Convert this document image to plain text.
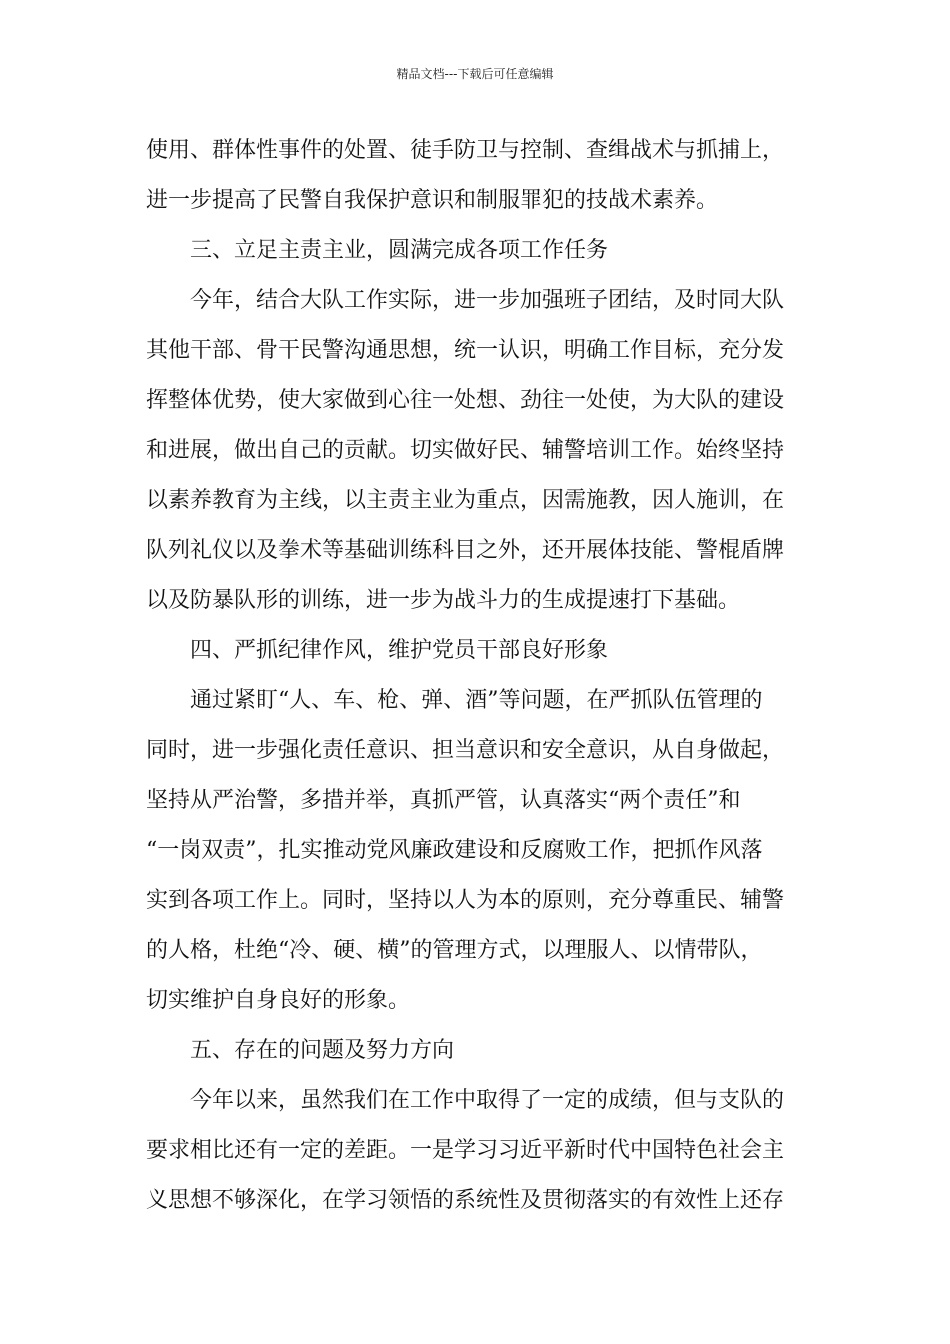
精品文档---下载后可任意编辑
使用、群体性事件的处置、徒手防卫与控制、查缉战术与抓捕上，
进一步提高了民警自我保护意识和制服罪犯的技战术素养。
三、立足主责主业，圆满完成各项工作任务
今年，结合大队工作实际，进一步加强班子团结，及时同大队
其他干部、骨干民警沟通思想，统一认识，明确工作目标，充分发
挥整体优势，使大家做到心往一处想、劲往一处使，为大队的建设
和进展，做出自己的贡献。切实做好民、辅警培训工作。始终坚持
以素养教育为主线，以主责主业为重点，因需施教，因人施训，在
队列礼仪以及拳术等基础训练科目之外，还开展体技能、警棍盾牌
以及防暴队形的训练，进一步为战斗力的生成提速打下基础。
四、严抓纪律作风，维护党员干部良好形象
通过紧盯“人、车、枪、弹、酒”等问题，在严抓队伍管理的
同时，进一步强化责任意识、担当意识和安全意识，从自身做起，
坚持从严治警，多措并举，真抓严管，认真落实“两个责任”和
“一岗双责”，扎实推动党风廉政建设和反腐败工作，把抓作风落
实到各项工作上。同时，坚持以人为本的原则，充分尊重民、辅警
的人格，杜绝“冷、硬、横”的管理方式，以理服人、以情带队，
切实维护自身良好的形象。
五、存在的问题及努力方向
今年以来，虽然我们在工作中取得了一定的成绩，但与支队的
要求相比还有一定的差距。一是学习习近平新时代中国特色社会主
义思想不够深化，在学习领悟的系统性及贯彻落实的有效性上还存
